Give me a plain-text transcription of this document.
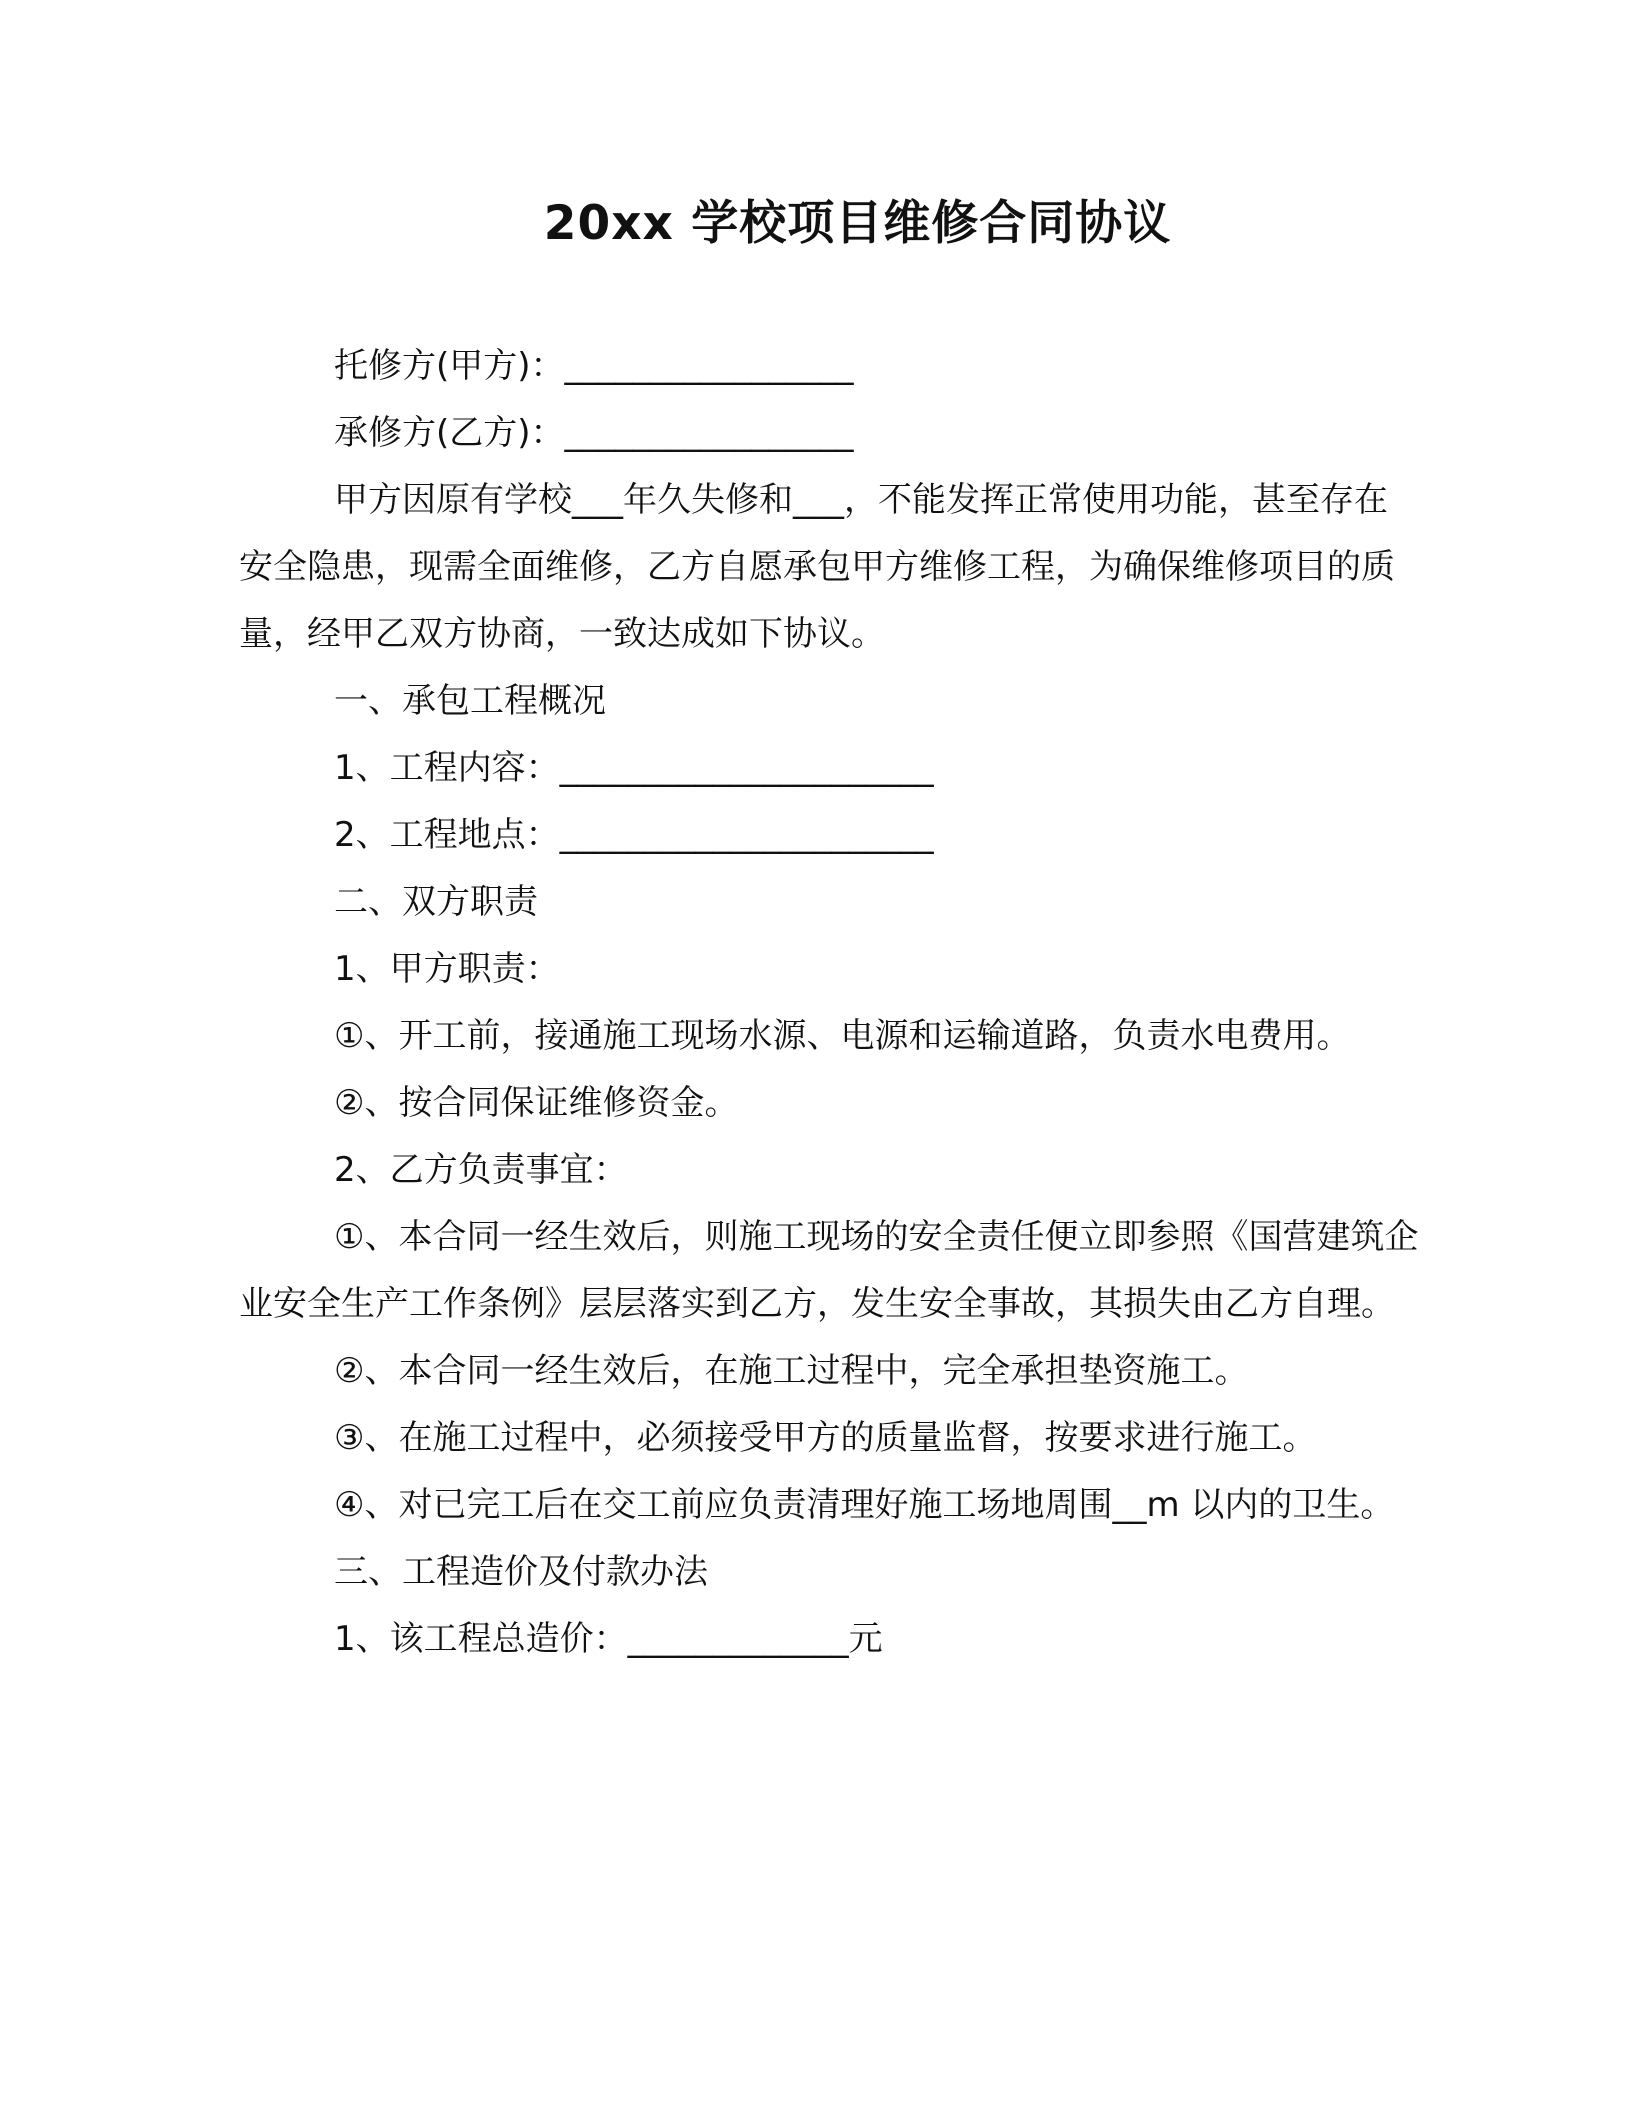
20xx 学校项目维修合同协议

托修方(甲方)：_________________

承修方(乙方)：_________________

甲方因原有学校___年久失修和___，不能发挥正常使用功能，甚至存在安全隐患，现需全面维修，乙方自愿承包甲方维修工程，为确保维修项目的质量，经甲乙双方协商，一致达成如下协议。

一、承包工程概况

1、工程内容：______________________

2、工程地点：______________________

二、双方职责

1、甲方职责：

①、开工前，接通施工现场水源、电源和运输道路，负责水电费用。

②、按合同保证维修资金。

2、乙方负责事宜：

①、本合同一经生效后，则施工现场的安全责任便立即参照《国营建筑企业安全生产工作条例》层层落实到乙方，发生安全事故，其损失由乙方自理。

②、本合同一经生效后，在施工过程中，完全承担垫资施工。

③、在施工过程中，必须接受甲方的质量监督，按要求进行施工。

④、对已完工后在交工前应负责清理好施工场地周围__m 以内的卫生。

三、工程造价及付款办法

1、该工程总造价：_____________元
